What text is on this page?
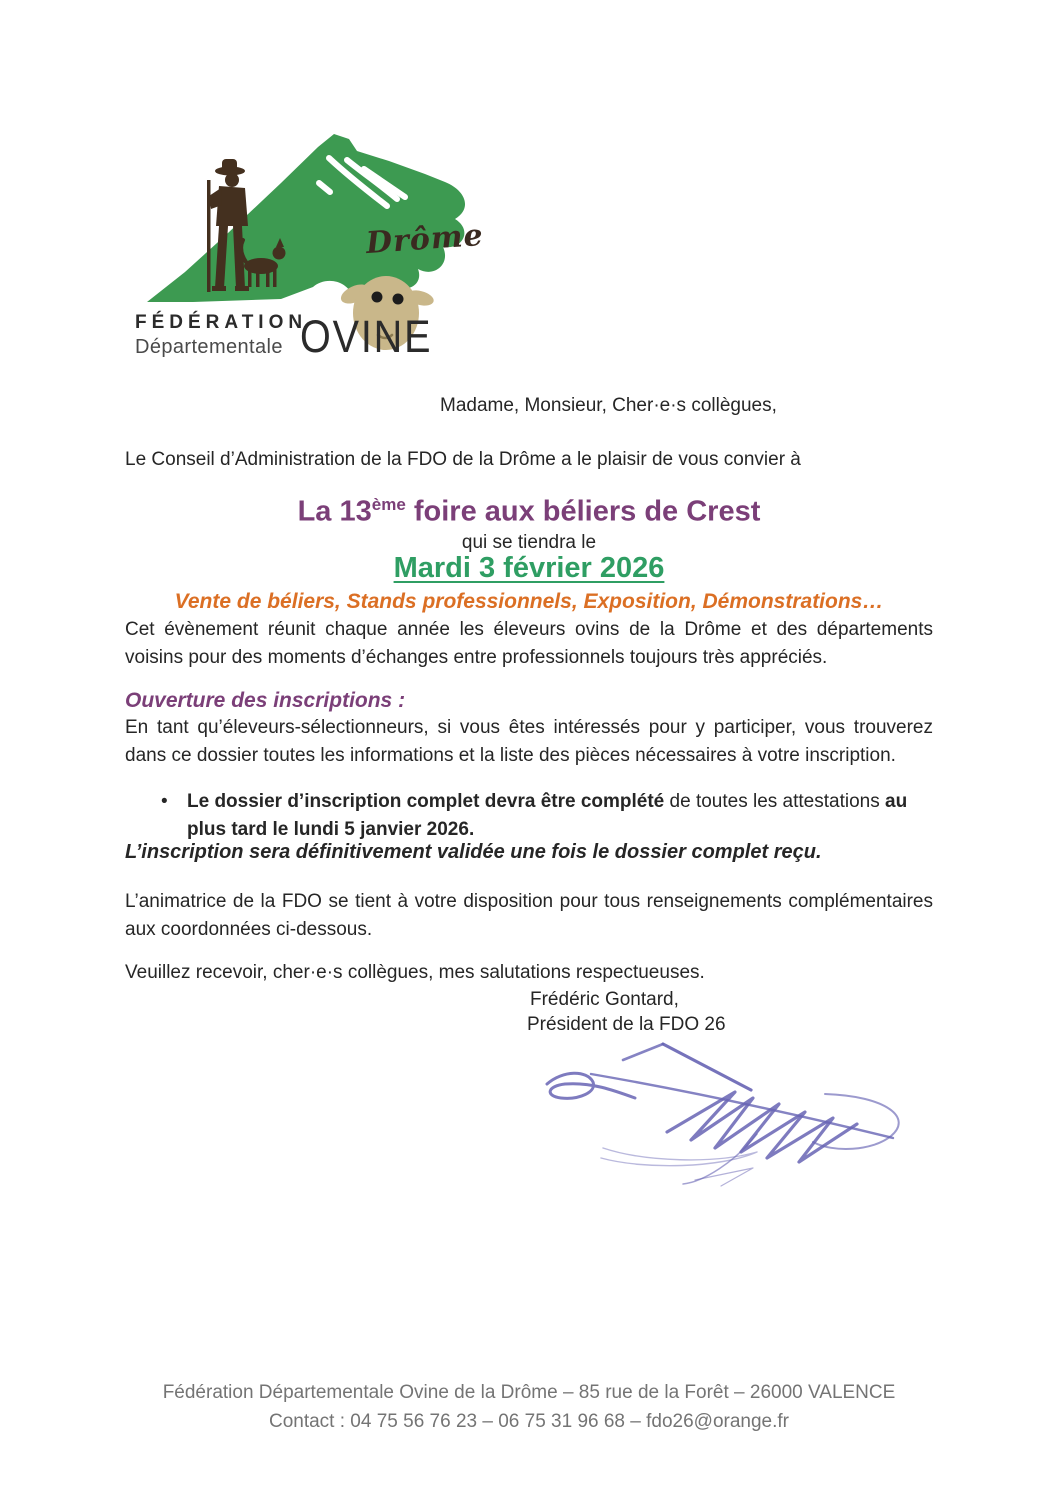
Drôme
FÉDÉRATION
Départementale OVINE
Madame, Monsieur, Cher·e·s collègues,
Le Conseil d’Administration de la FDO de la Drôme a le plaisir de vous convier à
La 13ème foire aux béliers de Crest
qui se tiendra le
Mardi 3 février 2026
Vente de béliers, Stands professionnels, Exposition, Démonstrations…
Cet évènement réunit chaque année les éleveurs ovins de la Drôme et des départements voisins pour des moments d’échanges entre professionnels toujours très appréciés.
Ouverture des inscriptions :
En tant qu’éleveurs-sélectionneurs, si vous êtes intéressés pour y participer, vous trouverez dans ce dossier toutes les informations et la liste des pièces nécessaires à votre inscription.
• Le dossier d’inscription complet devra être complété de toutes les attestations au plus tard le lundi 5 janvier 2026.
L’inscription sera définitivement validée une fois le dossier complet reçu.
L’animatrice de la FDO se tient à votre disposition pour tous renseignements complémentaires aux coordonnées ci-dessous.
Veuillez recevoir, cher·e·s collègues, mes salutations respectueuses.
Frédéric Gontard,
Président de la FDO 26
Fédération Départementale Ovine de la Drôme – 85 rue de la Forêt – 26000 VALENCE
Contact : 04 75 56 76 23 – 06 75 31 96 68 – fdo26@orange.fr
